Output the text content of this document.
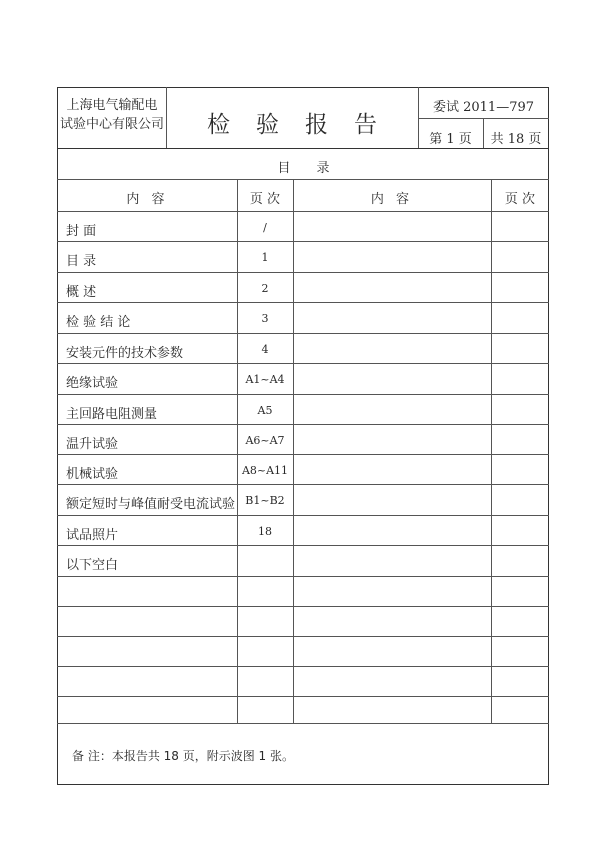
上海电气输配电
试验中心有限公司	检验报告
委试 2011—797
第 1 页	共 18 页
目录
内 容	页 次	内 容	页 次
封 面	/
目 录	1
概 述	2
检 验 结 论	3
安装元件的技术参数	4
绝缘试验	A1~A4
主回路电阻测量	A5
温升试验	A6~A7
机械试验	A8~A11
额定短时与峰值耐受电流试验 B1~B2
试品照片	18
以下空白
备 注：本报告共 18 页，附示波图 1 张。
